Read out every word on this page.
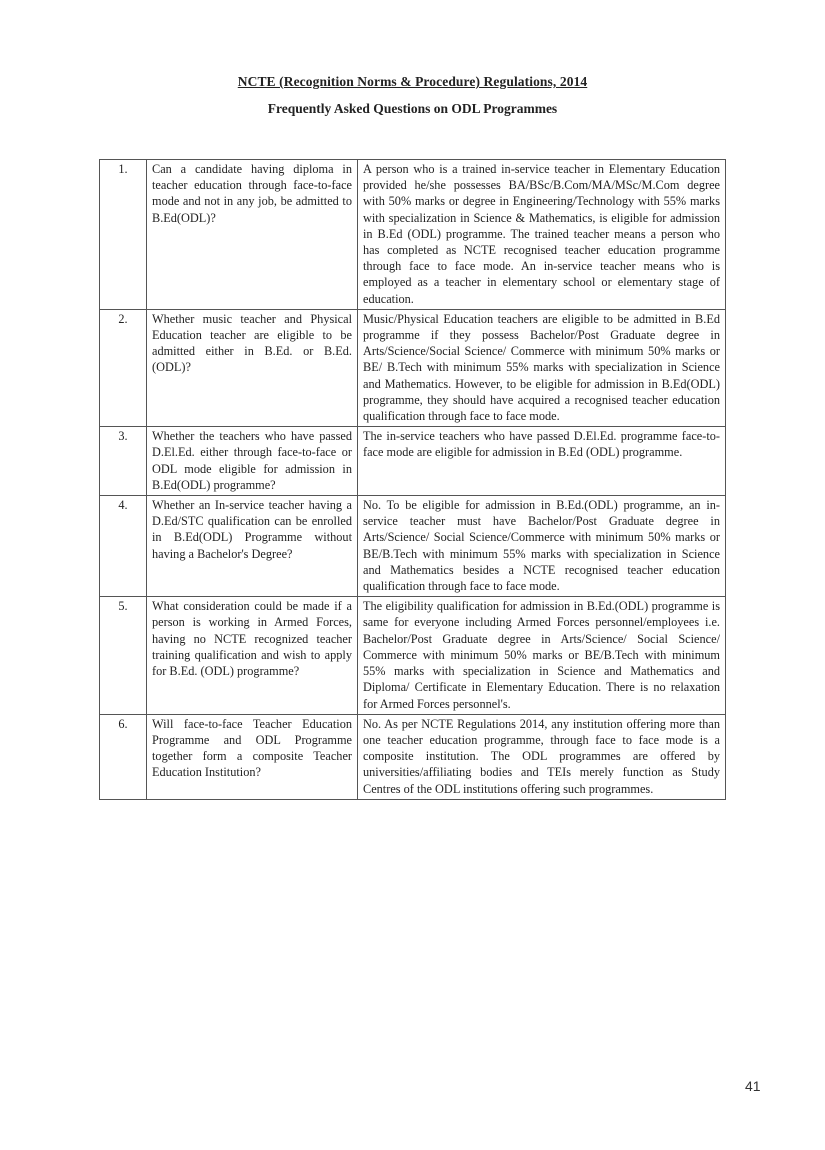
NCTE (Recognition Norms & Procedure) Regulations, 2014
Frequently Asked Questions on ODL Programmes
1.	Can a candidate having diploma in teacher education through face-to-face mode and not in any job, be admitted to B.Ed(ODL)?	A person who is a trained in-service teacher in Elementary Education provided he/she possesses BA/BSc/B.Com/MA/MSc/M.Com degree with 50% marks or degree in Engineering/Technology with 55% marks with specialization in Science & Mathematics, is eligible for admission in B.Ed (ODL) programme. The trained teacher means a person who has completed as NCTE recognised teacher education programme through face to face mode. An in-service teacher means who is employed as a teacher in elementary school or elementary stage of education.
2.	Whether music teacher and Physical Education teacher are eligible to be admitted either in B.Ed. or B.Ed. (ODL)?	Music/Physical Education teachers are eligible to be admitted in B.Ed programme if they possess Bachelor/Post Graduate degree in Arts/Science/Social Science/ Commerce with minimum 50% marks or BE/ B.Tech with minimum 55% marks with specialization in Science and Mathematics. However, to be eligible for admission in B.Ed(ODL) programme, they should have acquired a recognised teacher education qualification through face to face mode.
3.	Whether the teachers who have passed D.El.Ed. either through face-to-face or ODL mode eligible for admission in B.Ed(ODL) programme?	The in-service teachers who have passed D.El.Ed. programme face-to-face mode are eligible for admission in B.Ed (ODL) programme.
4.	Whether an In-service teacher having a D.Ed/STC qualification can be enrolled in B.Ed(ODL) Programme without having a Bachelor's Degree?	No. To be eligible for admission in B.Ed.(ODL) programme, an in-service teacher must have Bachelor/Post Graduate degree in Arts/Science/ Social Science/Commerce with minimum 50% marks or BE/B.Tech with minimum 55% marks with specialization in Science and Mathematics besides a NCTE recognised teacher education qualification through face to face mode.
5.	What consideration could be made if a person is working in Armed Forces, having no NCTE recognized teacher training qualification and wish to apply for B.Ed. (ODL) programme?	The eligibility qualification for admission in B.Ed.(ODL) programme is same for everyone including Armed Forces personnel/employees i.e. Bachelor/Post Graduate degree in Arts/Science/ Social Science/ Commerce with minimum 50% marks or BE/B.Tech with minimum 55% marks with specialization in Science and Mathematics and Diploma/ Certificate in Elementary Education. There is no relaxation for Armed Forces personnel's.
6.	Will face-to-face Teacher Education Programme and ODL Programme together form a composite Teacher Education Institution?	No. As per NCTE Regulations 2014, any institution offering more than one teacher education programme, through face to face mode is a composite institution. The ODL programmes are offered by universities/affiliating bodies and TEIs merely function as Study Centres of the ODL institutions offering such programmes.
41
